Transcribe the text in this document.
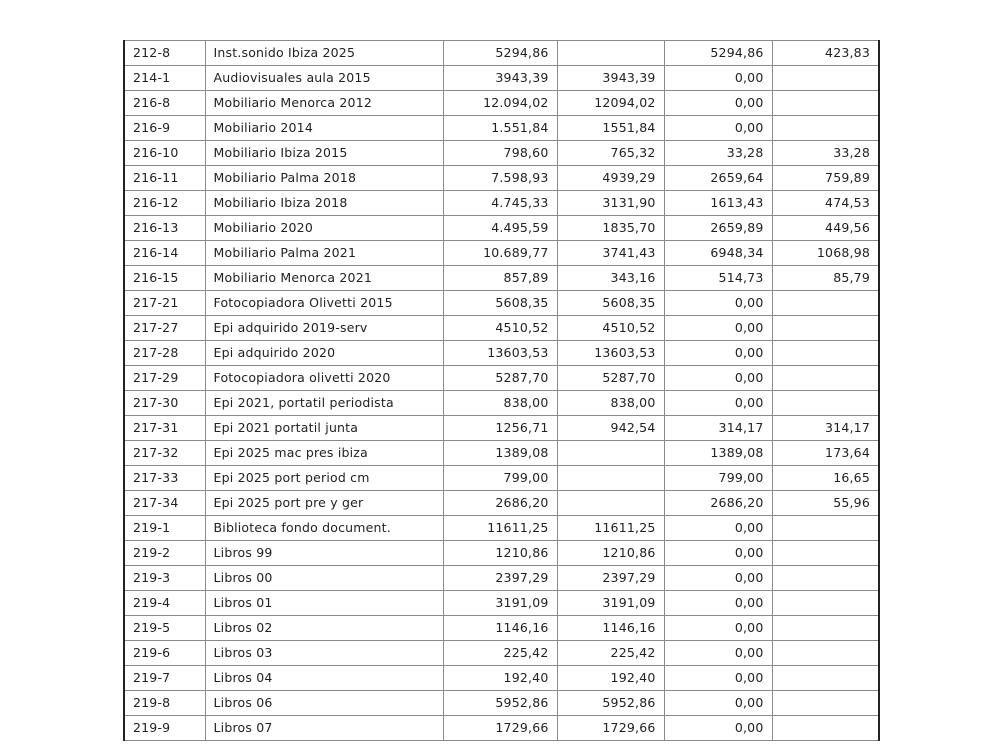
212-8	Inst.sonido Ibiza 2025	5294,86		5294,86	423,83
214-1	Audiovisuales aula 2015	3943,39	3943,39	0,00	
216-8	Mobiliario Menorca 2012	12.094,02	12094,02	0,00	
216-9	Mobiliario 2014	1.551,84	1551,84	0,00	
216-10	Mobiliario Ibiza 2015	798,60	765,32	33,28	33,28
216-11	Mobiliario Palma 2018	7.598,93	4939,29	2659,64	759,89
216-12	Mobiliario Ibiza 2018	4.745,33	3131,90	1613,43	474,53
216-13	Mobiliario 2020	4.495,59	1835,70	2659,89	449,56
216-14	Mobiliario Palma 2021	10.689,77	3741,43	6948,34	1068,98
216-15	Mobiliario Menorca 2021	857,89	343,16	514,73	85,79
217-21	Fotocopiadora Olivetti 2015	5608,35	5608,35	0,00	
217-27	Epi adquirido 2019-serv	4510,52	4510,52	0,00	
217-28	Epi adquirido 2020	13603,53	13603,53	0,00	
217-29	Fotocopiadora olivetti 2020	5287,70	5287,70	0,00	
217-30	Epi 2021, portatil periodista	838,00	838,00	0,00	
217-31	Epi 2021 portatil junta	1256,71	942,54	314,17	314,17
217-32	Epi 2025 mac pres ibiza	1389,08		1389,08	173,64
217-33	Epi 2025 port period cm	799,00		799,00	16,65
217-34	Epi 2025 port pre y ger	2686,20		2686,20	55,96
219-1	Biblioteca fondo document.	11611,25	11611,25	0,00	
219-2	Libros 99	1210,86	1210,86	0,00	
219-3	Libros 00	2397,29	2397,29	0,00	
219-4	Libros 01	3191,09	3191,09	0,00	
219-5	Libros 02	1146,16	1146,16	0,00	
219-6	Libros 03	225,42	225,42	0,00	
219-7	Libros 04	192,40	192,40	0,00	
219-8	Libros 06	5952,86	5952,86	0,00	
219-9	Libros 07	1729,66	1729,66	0,00	
